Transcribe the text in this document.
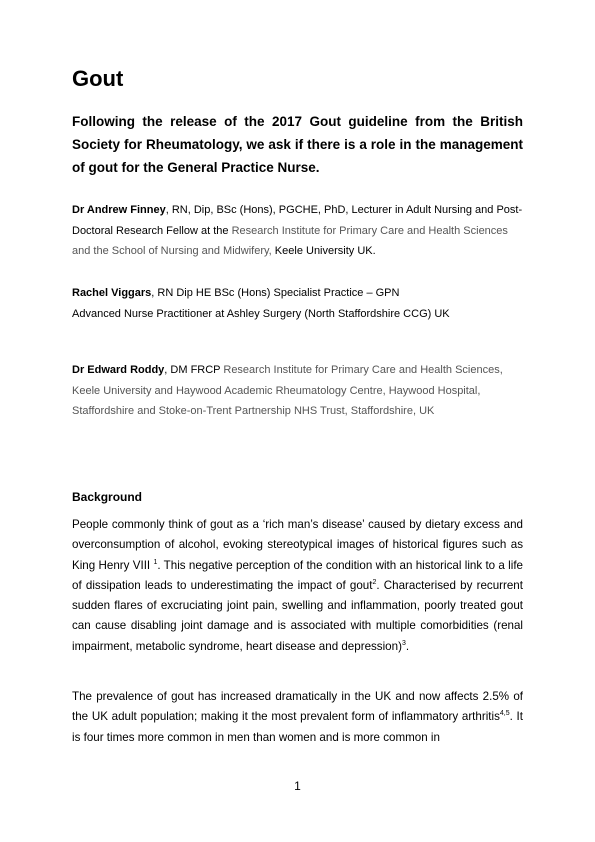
Gout

Following the release of the 2017 Gout guideline from the British Society for Rheumatology, we ask if there is a role in the management of gout for the General Practice Nurse.

Dr Andrew Finney, RN, Dip, BSc (Hons), PGCHE, PhD, Lecturer in Adult Nursing and Post-Doctoral Research Fellow at the Research Institute for Primary Care and Health Sciences and the School of Nursing and Midwifery, Keele University UK.

Rachel Viggars, RN Dip HE BSc (Hons) Specialist Practice – GPN
Advanced Nurse Practitioner at Ashley Surgery (North Staffordshire CCG) UK

Dr Edward Roddy, DM FRCP Research Institute for Primary Care and Health Sciences, Keele University and Haywood Academic Rheumatology Centre, Haywood Hospital, Staffordshire and Stoke-on-Trent Partnership NHS Trust, Staffordshire, UK

Background

People commonly think of gout as a ‘rich man’s disease’ caused by dietary excess and overconsumption of alcohol, evoking stereotypical images of historical figures such as King Henry VIII $^1$. This negative perception of the condition with an historical link to a life of dissipation leads to underestimating the impact of gout$^2$. Characterised by recurrent sudden flares of excruciating joint pain, swelling and inflammation, poorly treated gout can cause disabling joint damage and is associated with multiple comorbidities (renal impairment, metabolic syndrome, heart disease and depression)$^3$.

The prevalence of gout has increased dramatically in the UK and now affects 2.5% of the UK adult population; making it the most prevalent form of inflammatory arthritis$^{4,5}$. It is four times more common in men than women and is more common in

1
